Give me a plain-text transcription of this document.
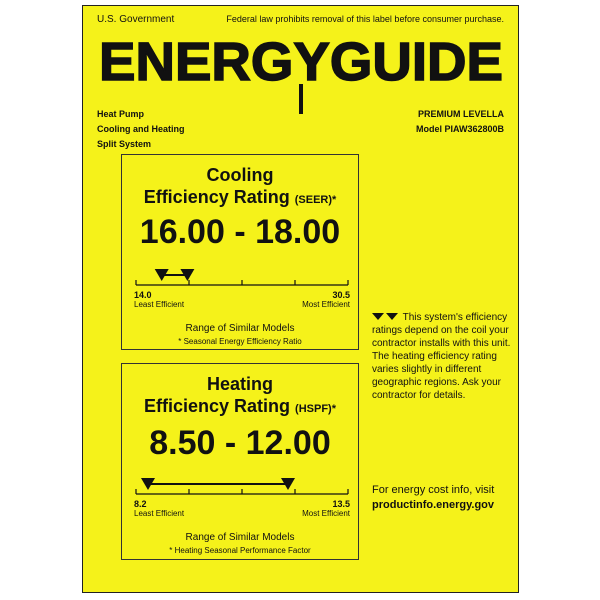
U.S. Government	Federal law prohibits removal of this label before consumer purchase.
ENERGYGUIDE
Heat Pump
Cooling and Heating
Split System
PREMIUM LEVELLA
Model PIAW362800B
Cooling
Efficiency Rating (SEER)*
16.00 - 18.00
14.0
Least Efficient
30.5
Most Efficient
Range of Similar Models
* Seasonal Energy Efficiency Ratio
Heating
Efficiency Rating (HSPF)*
8.50 - 12.00
8.2
Least Efficient
13.5
Most Efficient
Range of Similar Models
* Heating Seasonal Performance Factor
This system's efficiency ratings depend on the coil your contractor installs with this unit. The heating efficiency rating varies slightly in different geographic regions. Ask your contractor for details.
For energy cost info, visit
productinfo.energy.gov
